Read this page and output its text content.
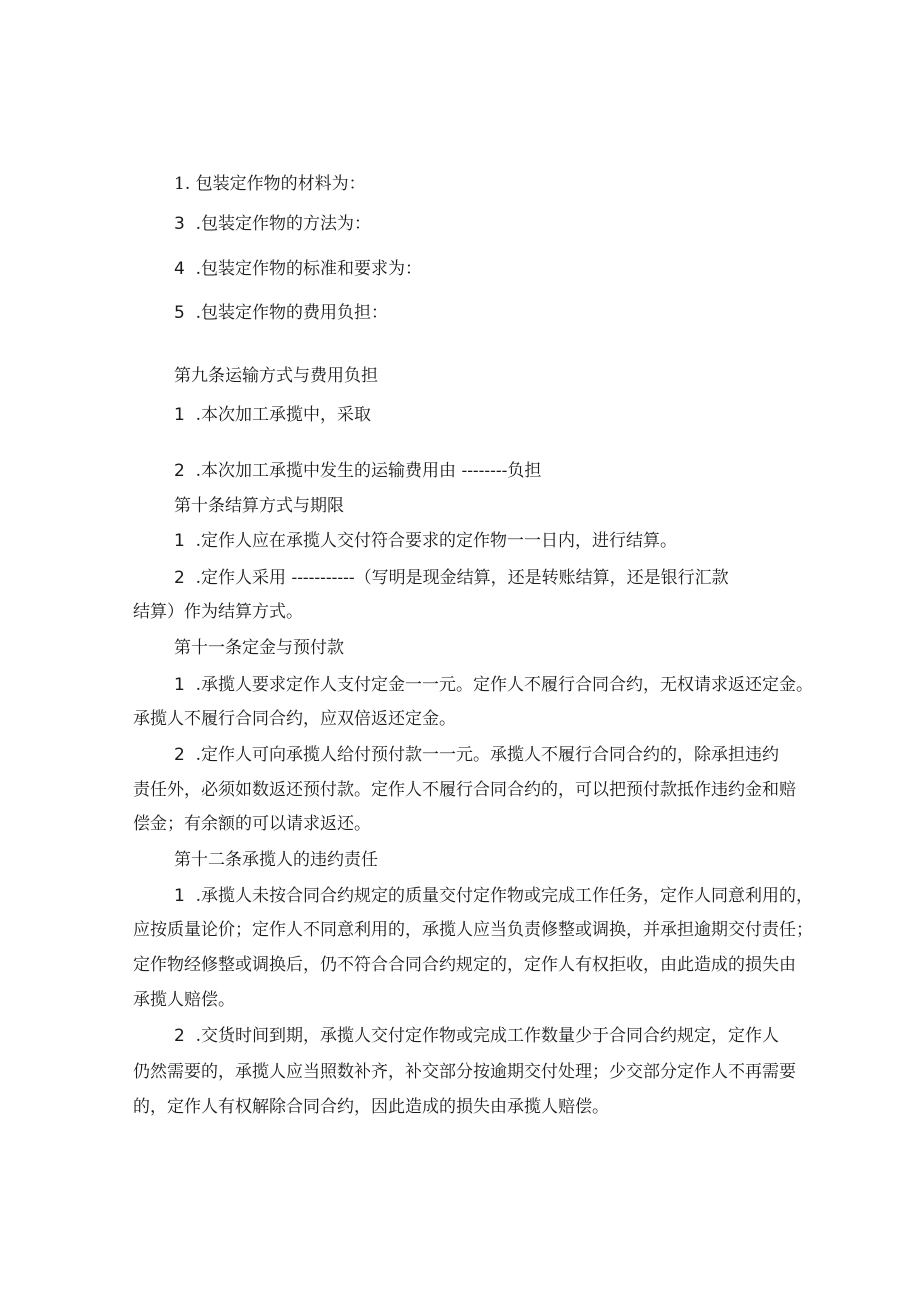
1. 包装定作物的材料为：
3 .包装定作物的方法为：
4 .包装定作物的标准和要求为：
5 .包装定作物的费用负担：
第九条运输方式与费用负担
1 .本次加工承揽中，采取
2 .本次加工承揽中发生的运输费用由 --------负担
第十条结算方式与期限
1 .定作人应在承揽人交付符合要求的定作物一一日内，进行结算。
2 .定作人采用 -----------（写明是现金结算，还是转账结算，还是银行汇款
结算）作为结算方式。
第十一条定金与预付款
1 .承揽人要求定作人支付定金一一元。定作人不履行合同合约，无权请求返还定金。
承揽人不履行合同合约，应双倍返还定金。
2 .定作人可向承揽人给付预付款一一元。承揽人不履行合同合约的，除承担违约
责任外，必须如数返还预付款。定作人不履行合同合约的，可以把预付款抵作违约金和赔
偿金；有余额的可以请求返还。
第十二条承揽人的违约责任
1 .承揽人未按合同合约规定的质量交付定作物或完成工作任务，定作人同意利用的，
应按质量论价；定作人不同意利用的，承揽人应当负责修整或调换，并承担逾期交付责任；
定作物经修整或调换后，仍不符合合同合约规定的，定作人有权拒收，由此造成的损失由
承揽人赔偿。
2 .交货时间到期，承揽人交付定作物或完成工作数量少于合同合约规定，定作人
仍然需要的，承揽人应当照数补齐，补交部分按逾期交付处理；少交部分定作人不再需要
的，定作人有权解除合同合约，因此造成的损失由承揽人赔偿。
